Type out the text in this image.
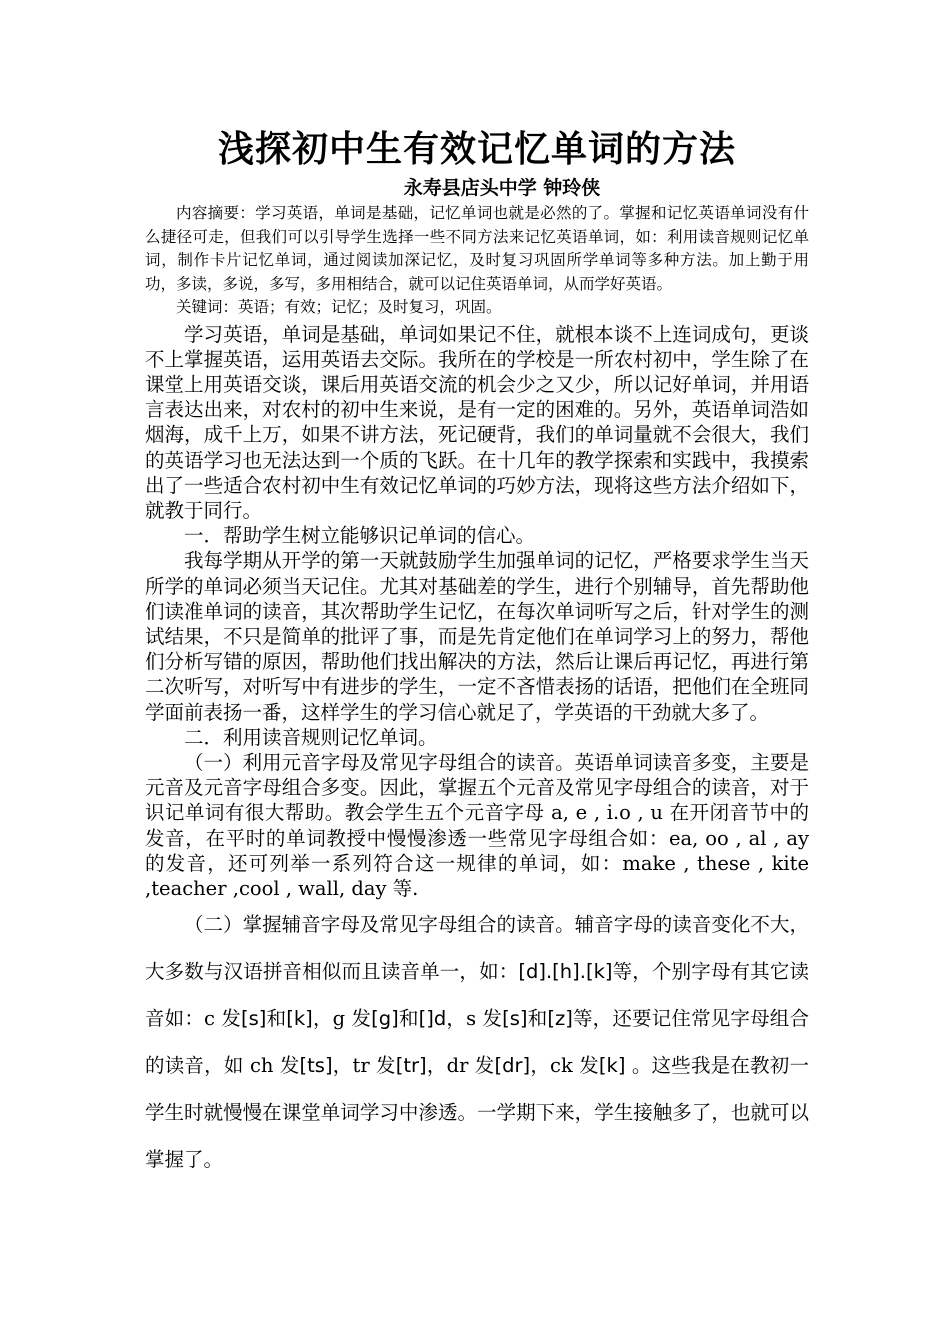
浅探初中生有效记忆单词的方法

永寿县店头中学 钟玲侠

内容摘要：学习英语，单词是基础，记忆单词也就是必然的了。掌握和记忆英语单词没有什么捷径可走，但我们可以引导学生选择一些不同方法来记忆英语单词，如：利用读音规则记忆单词，制作卡片记忆单词，通过阅读加深记忆，及时复习巩固所学单词等多种方法。加上勤于用功，多读，多说，多写，多用相结合，就可以记住英语单词，从而学好英语。

关键词：英语；有效；记忆；及时复习，巩固。

学习英语，单词是基础，单词如果记不住，就根本谈不上连词成句，更谈不上掌握英语，运用英语去交际。我所在的学校是一所农村初中，学生除了在课堂上用英语交谈，课后用英语交流的机会少之又少，所以记好单词，并用语言表达出来，对农村的初中生来说，是有一定的困难的。另外，英语单词浩如烟海，成千上万，如果不讲方法，死记硬背，我们的单词量就不会很大，我们的英语学习也无法达到一个质的飞跃。在十几年的教学探索和实践中，我摸索出了一些适合农村初中生有效记忆单词的巧妙方法，现将这些方法介绍如下，就教于同行。

一．帮助学生树立能够识记单词的信心。

我每学期从开学的第一天就鼓励学生加强单词的记忆，严格要求学生当天所学的单词必须当天记住。尤其对基础差的学生，进行个别辅导，首先帮助他们读准单词的读音，其次帮助学生记忆，在每次单词听写之后，针对学生的测试结果，不只是简单的批评了事，而是先肯定他们在单词学习上的努力，帮他们分析写错的原因，帮助他们找出解决的方法，然后让课后再记忆，再进行第二次听写，对听写中有进步的学生，一定不吝惜表扬的话语，把他们在全班同学面前表扬一番，这样学生的学习信心就足了，学英语的干劲就大多了。

二．利用读音规则记忆单词。

（一）利用元音字母及常见字母组合的读音。英语单词读音多变，主要是元音及元音字母组合多变。因此，掌握五个元音及常见字母组合的读音，对于识记单词有很大帮助。教会学生五个元音字母 a, e , i.o , u 在开闭音节中的发音，在平时的单词教授中慢慢渗透一些常见字母组合如：ea, oo , al , ay 的发音，还可列举一系列符合这一规律的单词，如：make , these , kite ,teacher ,cool , wall, day 等.

（二）掌握辅音字母及常见字母组合的读音。辅音字母的读音变化不大，大多数与汉语拼音相似而且读音单一，如：[d].[h].[k]等，个别字母有其它读音如：c 发[s]和[k]，g 发[g]和[]d，s 发[s]和[z]等，还要记住常见字母组合的读音，如 ch 发[ts]，tr 发[tr]，dr 发[dr]，ck 发[k] 。这些我是在教初一学生时就慢慢在课堂单词学习中渗透。一学期下来，学生接触多了，也就可以掌握了。
